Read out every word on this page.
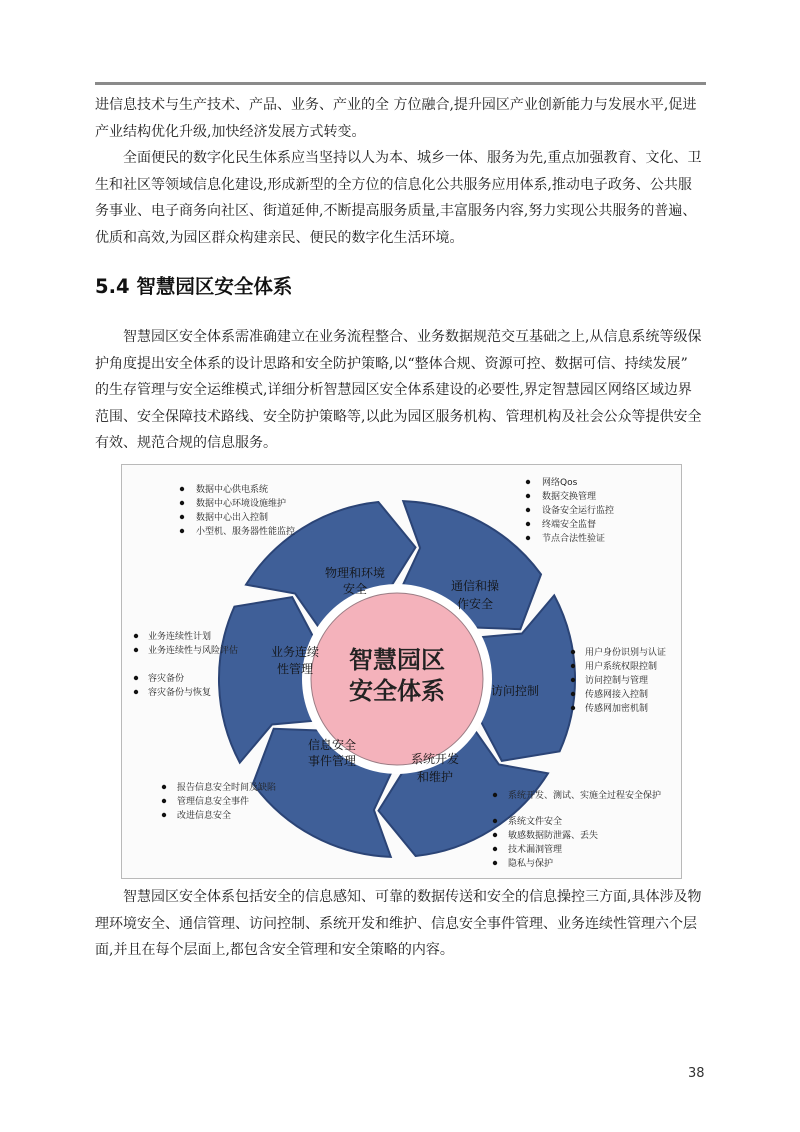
进信息技术与生产技术、产品、业务、产业的全 方位融合,提升园区产业创新能力与发展水平,促进
产业结构优化升级,加快经济发展方式转变。

全面便民的数字化民生体系应当坚持以人为本、城乡一体、服务为先,重点加强教育、文化、卫
生和社区等领域信息化建设,形成新型的全方位的信息化公共服务应用体系,推动电子政务、公共服
务事业、电子商务向社区、街道延伸,不断提高服务质量,丰富服务内容,努力实现公共服务的普遍、
优质和高效,为园区群众构建亲民、便民的数字化生活环境。

5.4 智慧园区安全体系

智慧园区安全体系需准确建立在业务流程整合、业务数据规范交互基础之上,从信息系统等级保
护角度提出安全体系的设计思路和安全防护策略,以“整体合规、资源可控、数据可信、持续发展”
的生存管理与安全运维模式,详细分析智慧园区安全体系建设的必要性,界定智慧园区网络区域边界
范围、安全保障技术路线、安全防护策略等,以此为园区服务机构、管理机构及社会公众等提供安全
有效、规范合规的信息服务。

智慧园区
安全体系
物理和环境
安全	通信和操
作安全
访问控制
系统开发
和维护
信息安全
事件管理
业务连续
性管理
数据中心供电系统
数据中心环境设施维护
数据中心出入控制
小型机、服务器性能监控
网络Qos
数据交换管理
设备安全运行监控
终端安全监督
节点合法性验证
用户身份识别与认证
用户系统权限控制
访问控制与管理
传感网接入控制
传感网加密机制
系统开发、测试、实施全过程安全保护
系统文件安全
敏感数据防泄露、丢失
技术漏洞管理
隐私与保护
报告信息安全时间及缺陷
管理信息安全事件
改进信息安全
业务连续性计划
业务连续性与风险评估
容灾备份
容灾备份与恢复

智慧园区安全体系包括安全的信息感知、可靠的数据传送和安全的信息操控三方面,具体涉及物
理环境安全、通信管理、访问控制、系统开发和维护、信息安全事件管理、业务连续性管理六个层
面,并且在每个层面上,都包含安全管理和安全策略的内容。

38
